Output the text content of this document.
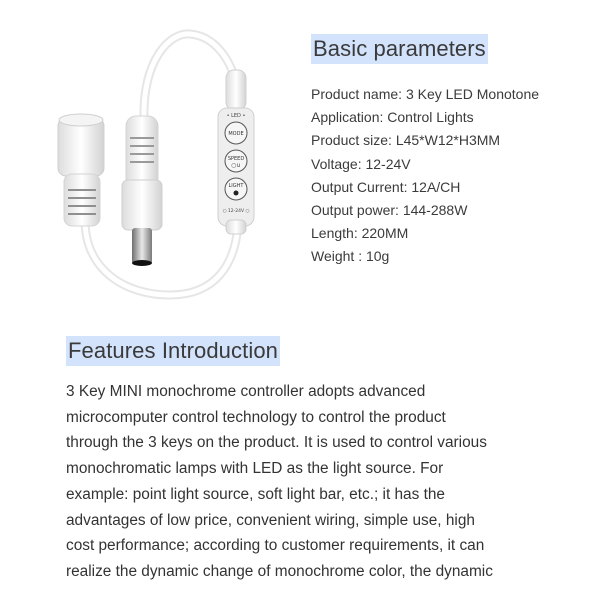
• LED •
MODE
SPEED
○∪
LIGHT
○ 12-24V ○
Basic parameters
Product name: 3 Key LED Monotone
Application: Control Lights
Product size: L45*W12*H3MM
Voltage: 12-24V
Output Current: 12A/CH
Output power: 144-288W
Length: 220MM
Weight : 10g
Features Introduction

3 Key MINI monochrome controller adopts advanced
microcomputer control technology to control the product
through the 3 keys on the product. It is used to control various
monochromatic lamps with LED as the light source. For
example: point light source, soft light bar, etc.; it has the
advantages of low price, convenient wiring, simple use, high
cost performance; according to customer requirements, it can
realize the dynamic change of monochrome color, the dynamic
